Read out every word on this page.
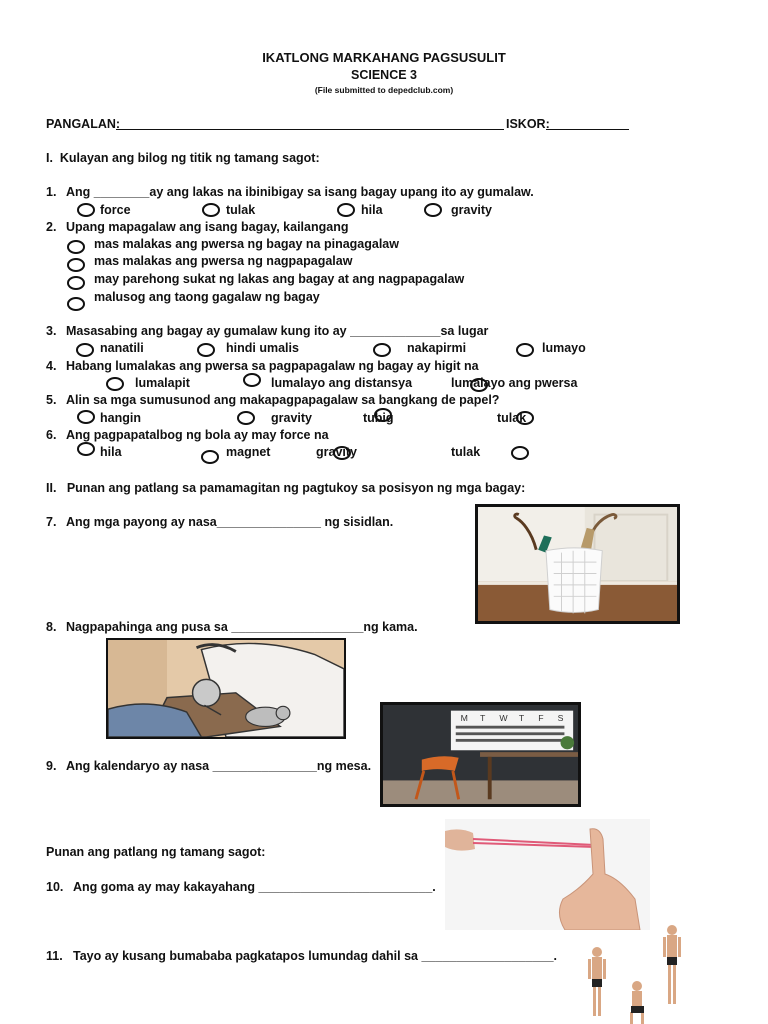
IKATLONG MARKAHANG PAGSUSULIT
SCIENCE 3
(File submitted to depedclub.com)
PANGALAN:	ISKOR:
I.  Kulayan ang bilog ng titik ng tamang sagot:
1. Ang ________ay ang lakas na ibinibigay sa isang bagay upang ito ay gumalaw.
force	tulak	hila	gravity
2. Upang mapagalaw ang isang bagay, kailangang
mas malakas ang pwersa ng bagay na pinagagalaw
mas malakas ang pwersa ng nagpapagalaw
may parehong sukat ng lakas ang bagay at ang nagpapagalaw
malusog ang taong gagalaw ng bagay
3. Masasabing ang bagay ay gumalaw kung ito ay _____________sa lugar
nanatili	hindi umalis	nakapirmi	lumayo
4. Habang lumalakas ang pwersa sa pagpapagalaw ng bagay ay higit na
lumalapit	lumalayo ang distansya	lumalayo ang pwersa
5. Alin sa mga sumusunod ang makapagpapagalaw sa bangkang de papel?
hangin	gravity	tubig	tulak
6. Ang pagpapatalbog ng bola ay may force na
hila	magnet	gravity	tulak
II.   Punan ang patlang sa pamamagitan ng pagtukoy sa posisyon ng mga bagay:
7. Ang mga payong ay nasa_______________ ng sisidlan.
8. Nagpapahinga ang pusa sa ___________________ng kama.
M T W T F S
9. Ang kalendaryo ay nasa _______________ng mesa.
Punan ang patlang ng tamang sagot:
10. Ang goma ay may kakayahang _________________________.
11. Tayo ay kusang bumababa pagkatapos lumundag dahil sa ___________________.
